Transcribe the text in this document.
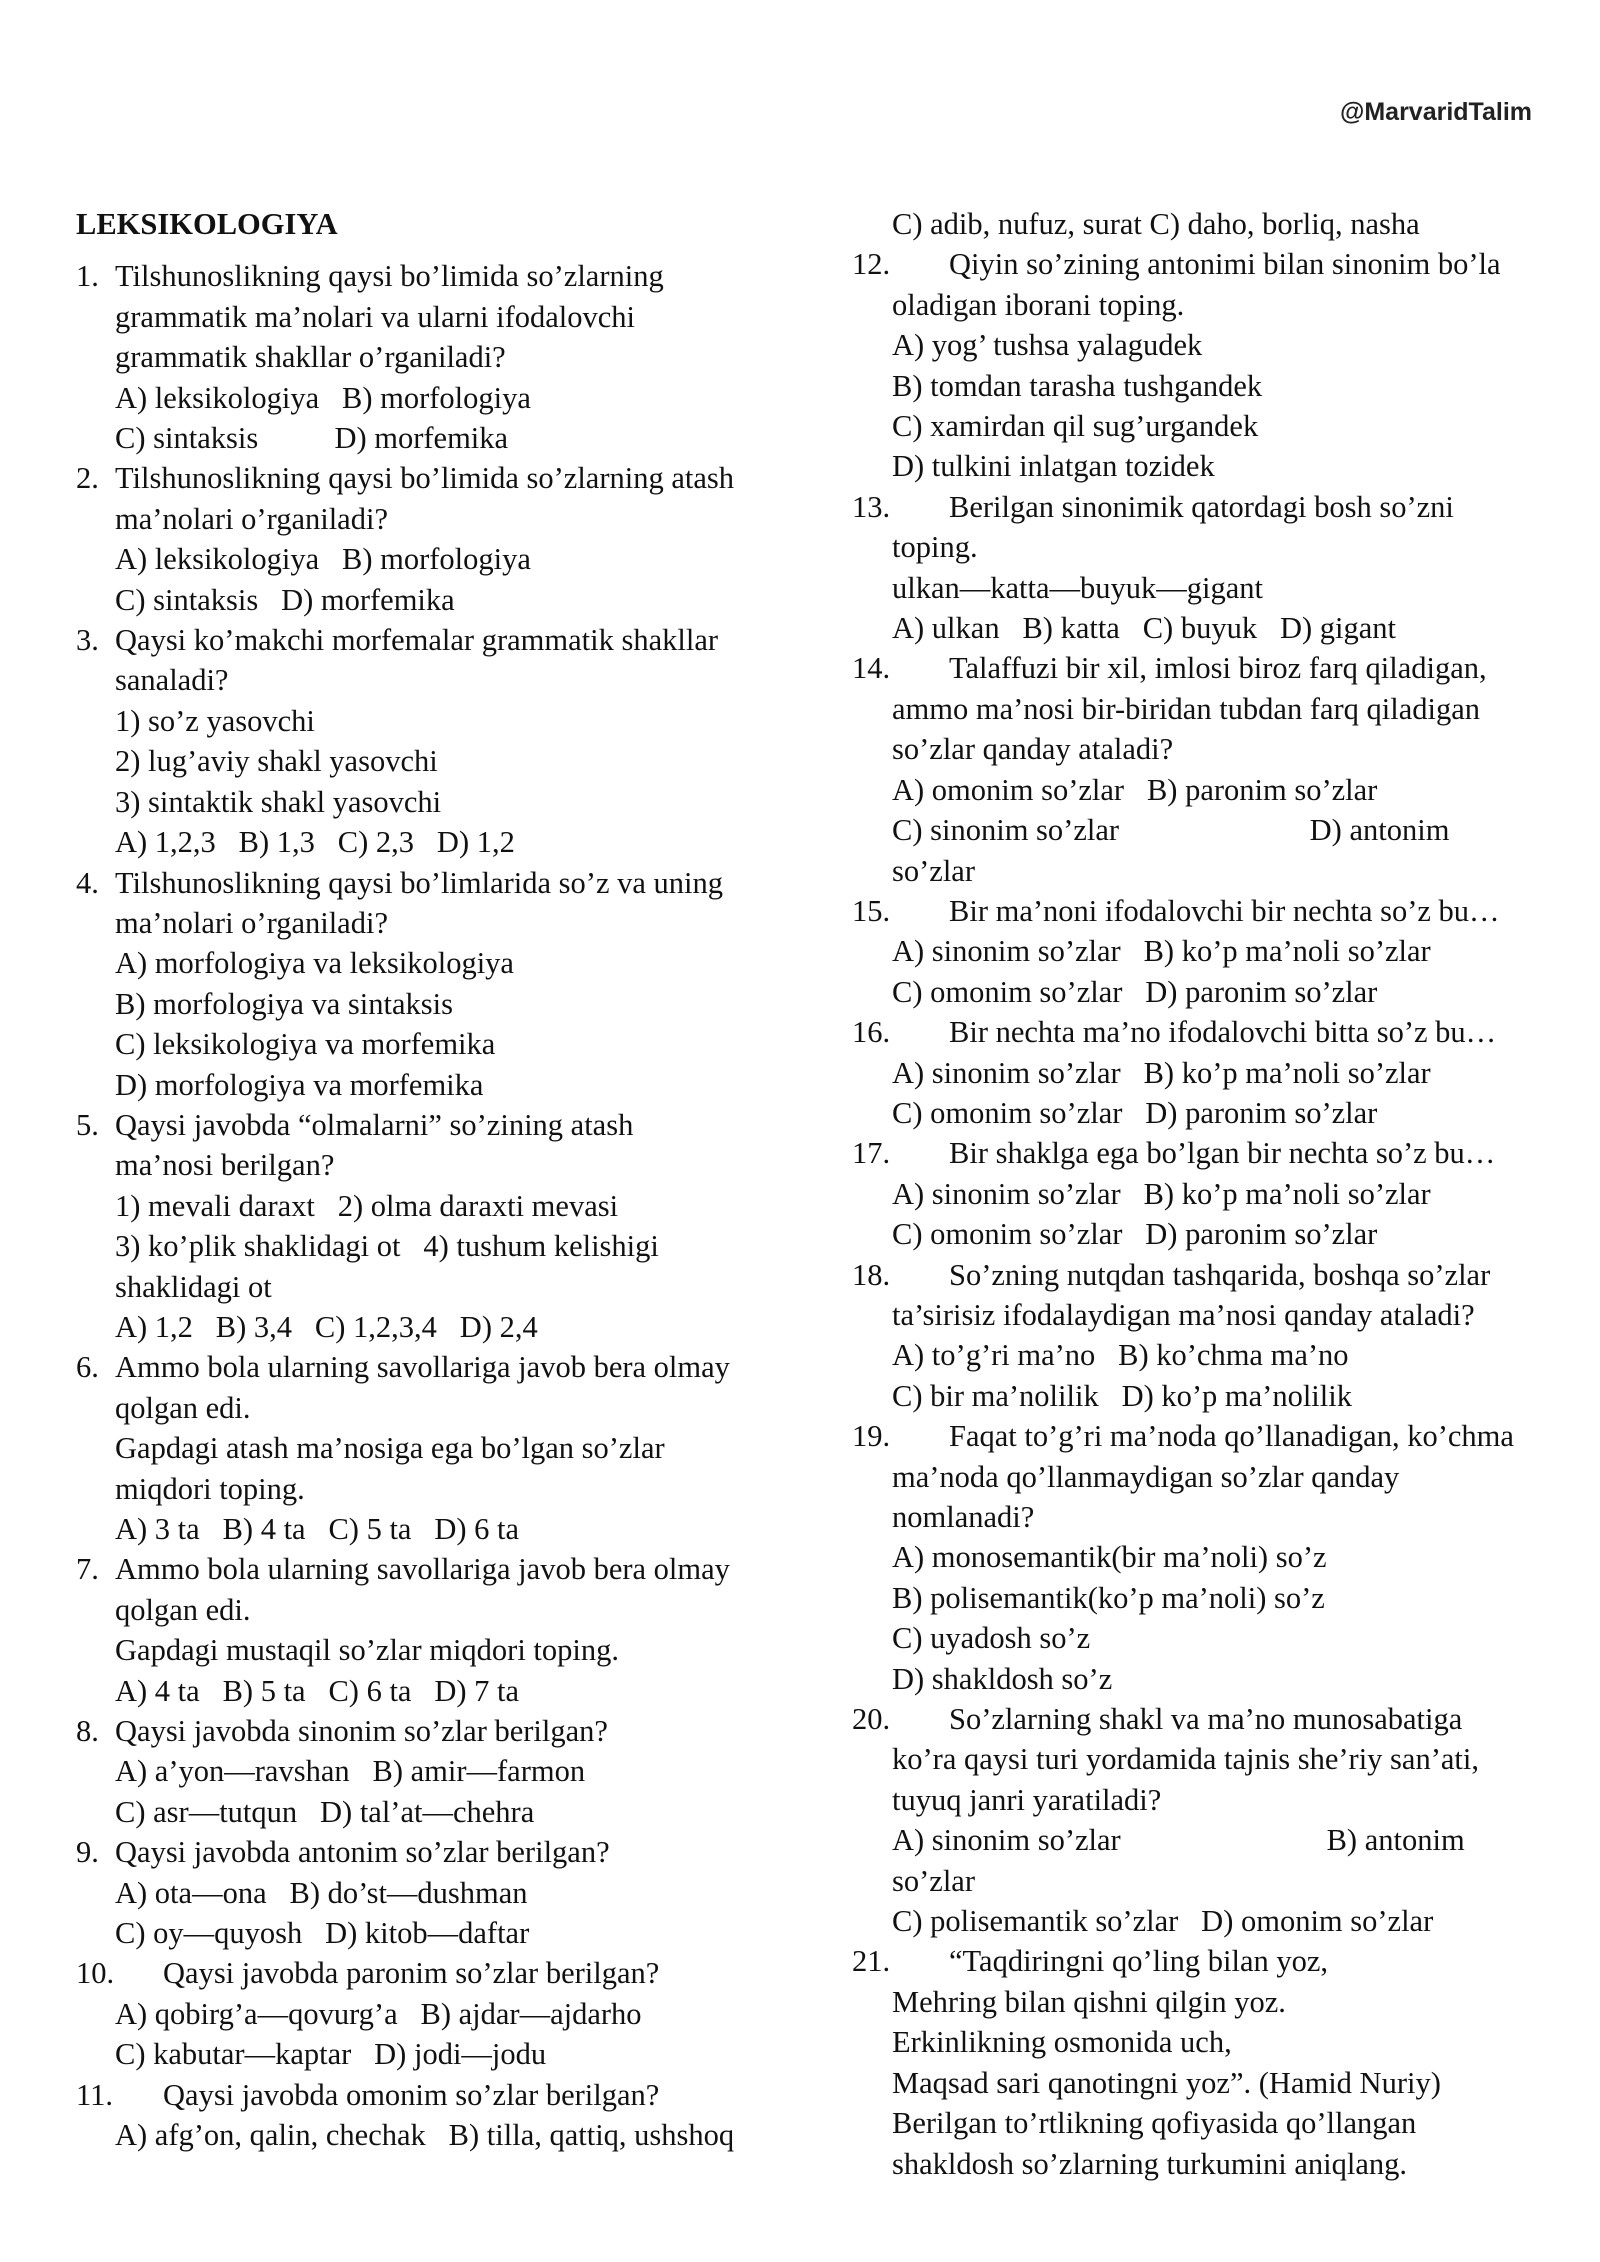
@MarvaridTalim
LEKSIKOLOGIYA
1. Tilshunoslikning qaysi bo’limida so’zlarning grammatik ma’nolari va ularni ifodalovchi grammatik shakllar o’rganiladi?
A) leksikologiya   B) morfologiya
C) sintaksis          D) morfemika
2. Tilshunoslikning qaysi bo’limida so’zlarning atash ma’nolari o’rganiladi?
A) leksikologiya   B) morfologiya
C) sintaksis   D) morfemika
3. Qaysi ko’makchi morfemalar grammatik shakllar sanaladi?
1) so’z yasovchi
2) lug’aviy shakl yasovchi
3) sintaktik shakl yasovchi
A) 1,2,3   B) 1,3   C) 2,3   D) 1,2
4. Tilshunoslikning qaysi bo’limlarida so’z va uning ma’nolari o’rganiladi?
A) morfologiya va leksikologiya
B) morfologiya va sintaksis
C) leksikologiya va morfemika
D) morfologiya va morfemika
5. Qaysi javobda “olmalarni” so’zining atash ma’nosi berilgan?
1) mevali daraxt   2) olma daraxti mevasi
3) ko’plik shaklidagi ot   4) tushum kelishigi shaklidagi ot
A) 1,2   B) 3,4   C) 1,2,3,4   D) 2,4
6. Ammo bola ularning savollariga javob bera olmay qolgan edi.
Gapdagi atash ma’nosiga ega bo’lgan so’zlar miqdori toping.
A) 3 ta   B) 4 ta   C) 5 ta   D) 6 ta
7. Ammo bola ularning savollariga javob bera olmay qolgan edi.
Gapdagi mustaqil so’zlar miqdori toping.
A) 4 ta   B) 5 ta   C) 6 ta   D) 7 ta
8. Qaysi javobda sinonim so’zlar berilgan?
A) a’yon—ravshan   B) amir—farmon
C) asr—tutqun   D) tal’at—chehra
9. Qaysi javobda antonim so’zlar berilgan?
A) ota—ona   B) do’st—dushman
C) oy—quyosh   D) kitob—daftar
10.	Qaysi javobda paronim so’zlar berilgan?
A) qobirg’a—qovurg’a   B) ajdar—ajdarho
C) kabutar—kaptar   D) jodi—jodu
11.	Qaysi javobda omonim so’zlar berilgan?
A) afg’on, qalin, chechak   B) tilla, qattiq, ushshoq
C) adib, nufuz, surat C) daho, borliq, nasha
12.	Qiyin so’zining antonimi bilan sinonim bo’la oladigan iborani toping.
A) yog’ tushsa yalagudek
B) tomdan tarasha tushgandek
C) xamirdan qil sug’urgandek
D) tulkini inlatgan tozidek
13.	Berilgan sinonimik qatordagi bosh so’zni toping.
ulkan—katta—buyuk—gigant
A) ulkan   B) katta   C) buyuk   D) gigant
14.	Talaffuzi bir xil, imlosi biroz farq qiladigan, ammo ma’nosi bir-biridan tubdan farq qiladigan so’zlar qanday ataladi?
A) omonim so’zlar   B) paronim so’zlar
C) sinonim so’zlar                         D) antonim so’zlar
15.	Bir ma’noni ifodalovchi bir nechta so’z bu…
A) sinonim so’zlar   B) ko’p ma’noli so’zlar
C) omonim so’zlar   D) paronim so’zlar
16.	Bir nechta ma’no ifodalovchi bitta so’z bu…
A) sinonim so’zlar   B) ko’p ma’noli so’zlar
C) omonim so’zlar   D) paronim so’zlar
17.	Bir shaklga ega bo’lgan bir nechta so’z bu…
A) sinonim so’zlar   B) ko’p ma’noli so’zlar
C) omonim so’zlar   D) paronim so’zlar
18.	So’zning nutqdan tashqarida, boshqa so’zlar ta’sirisiz ifodalaydigan ma’nosi qanday ataladi?
A) to’g’ri ma’no   B) ko’chma ma’no
C) bir ma’nolilik   D) ko’p ma’nolilik
19.	Faqat to’g’ri ma’noda qo’llanadigan, ko’chma ma’noda qo’llanmaydigan so’zlar qanday nomlanadi?
A) monosemantik(bir ma’noli) so’z
B) polisemantik(ko’p ma’noli) so’z
C) uyadosh so’z
D) shakldosh so’z
20.	So’zlarning shakl va ma’no munosabatiga ko’ra qaysi turi yordamida tajnis she’riy san’ati, tuyuq janri yaratiladi?
A) sinonim so’zlar                           B) antonim so’zlar
C) polisemantik so’zlar   D) omonim so’zlar
21.	“Taqdiringni qo’ling bilan yoz,
Mehring bilan qishni qilgin yoz.
Erkinlikning osmonida uch,
Maqsad sari qanotingni yoz”. (Hamid Nuriy)
Berilgan to’rtlikning qofiyasida qo’llangan shakldosh so’zlarning turkumini aniqlang.
